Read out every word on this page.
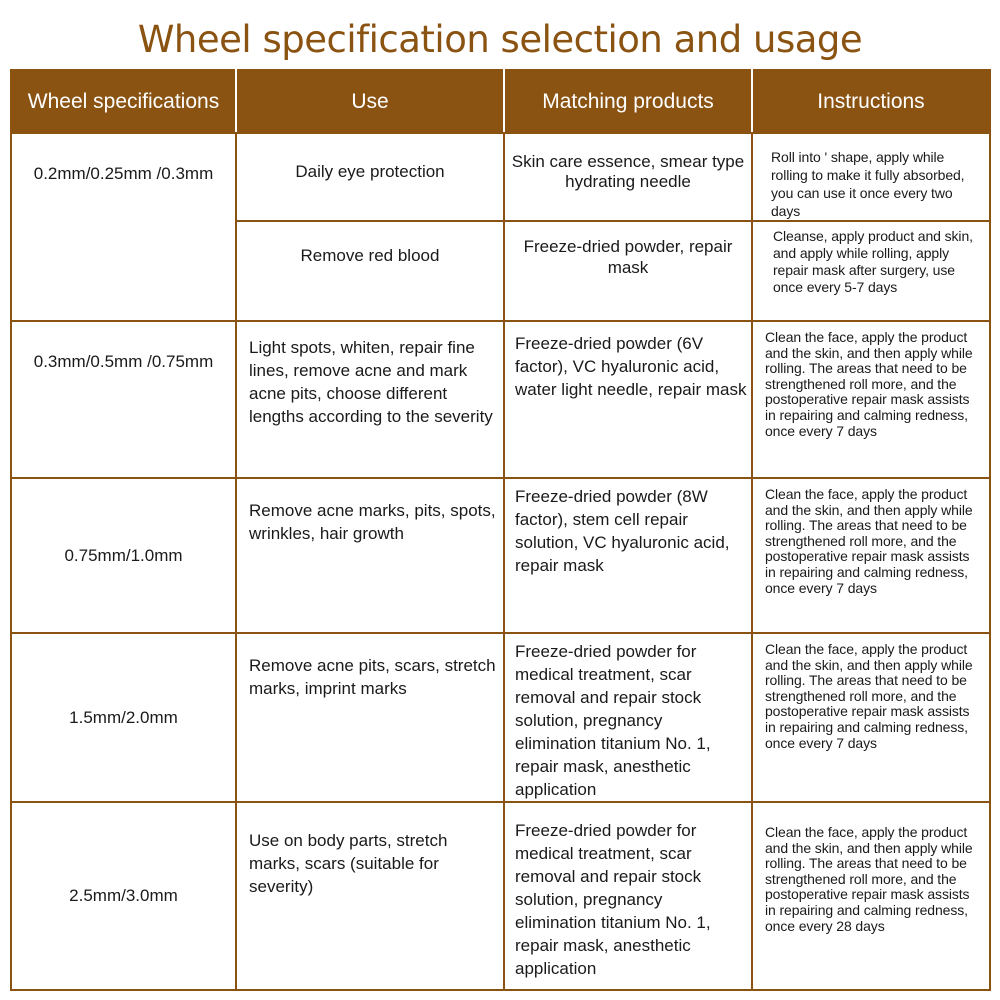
Wheel specification selection and usage
Wheel specifications	Use	Matching products	Instructions
0.2mm/0.25mm /0.3mm	Daily eye protection	Skin care essence, smear type hydrating needle	Roll into ' shape, apply while rolling to make it fully absorbed, you can use it once every two days
	Remove red blood	Freeze-dried powder, repair mask	Cleanse, apply product and skin, and apply while rolling, apply repair mask after surgery, use once every 5-7 days
0.3mm/0.5mm /0.75mm	Light spots, whiten, repair fine lines, remove acne and mark acne pits, choose different lengths according to the severity	Freeze-dried powder (6V factor), VC hyaluronic acid, water light needle, repair mask	Clean the face, apply the product and the skin, and then apply while rolling. The areas that need to be strengthened roll more, and the postoperative repair mask assists in repairing and calming redness, once every 7 days
0.75mm/1.0mm	Remove acne marks, pits, spots, wrinkles, hair growth	Freeze-dried powder (8W factor), stem cell repair solution, VC hyaluronic acid, repair mask	Clean the face, apply the product and the skin, and then apply while rolling. The areas that need to be strengthened roll more, and the postoperative repair mask assists in repairing and calming redness, once every 7 days
1.5mm/2.0mm	Remove acne pits, scars, stretch marks, imprint marks	Freeze-dried powder for medical treatment, scar removal and repair stock solution, pregnancy elimination titanium No. 1, repair mask, anesthetic application	Clean the face, apply the product and the skin, and then apply while rolling. The areas that need to be strengthened roll more, and the postoperative repair mask assists in repairing and calming redness, once every 7 days
2.5mm/3.0mm	Use on body parts, stretch marks, scars (suitable for severity)	Freeze-dried powder for medical treatment, scar removal and repair stock solution, pregnancy elimination titanium No. 1, repair mask, anesthetic application	Clean the face, apply the product and the skin, and then apply while rolling. The areas that need to be strengthened roll more, and the postoperative repair mask assists in repairing and calming redness, once every 28 days
